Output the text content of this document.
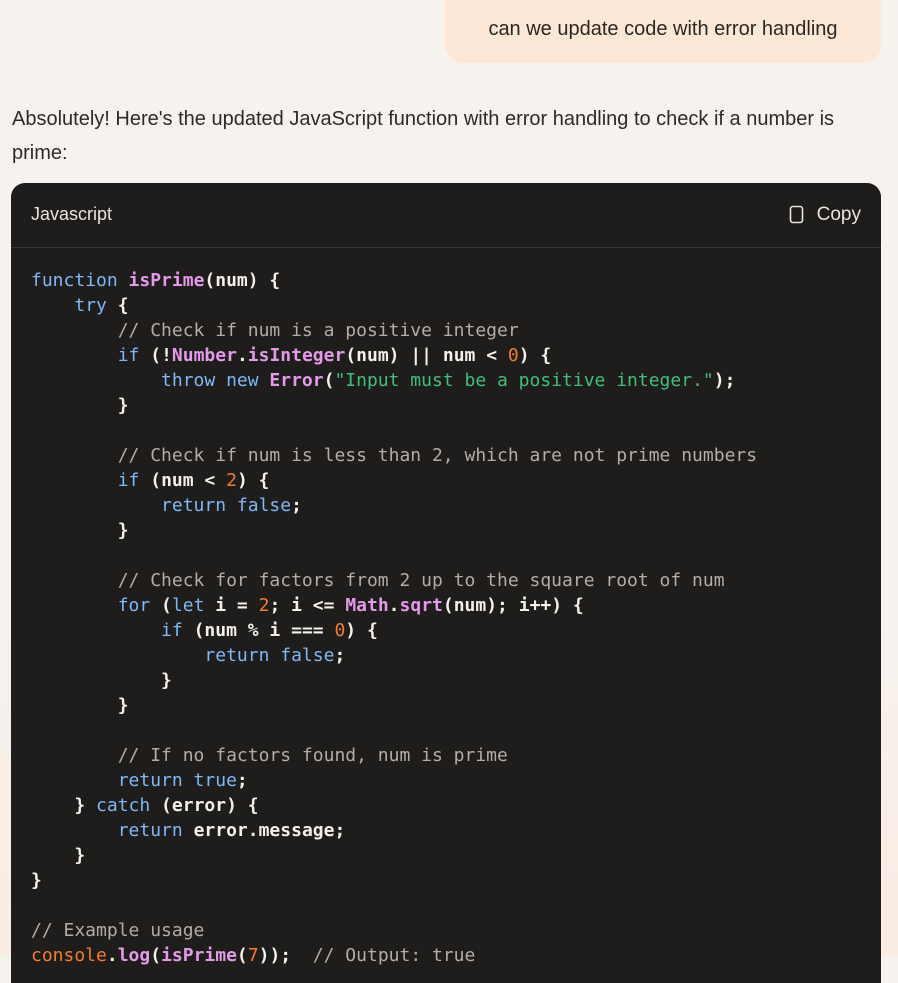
can we update code with error handling
Absolutely! Here's the updated JavaScript function with error handling to check if a number is prime:
Javascript	Copy
function isPrime(num) {
try {
// Check if num is a positive integer
if (!Number.isInteger(num) || num < 0) {
throw new Error("Input must be a positive integer.");
}
// Check if num is less than 2, which are not prime numbers
if (num < 2) {
return false;
}
// Check for factors from 2 up to the square root of num
for (let i = 2; i <= Math.sqrt(num); i++) {
if (num % i === 0) {
return false;
}
}
// If no factors found, num is prime
return true;
} catch (error) {
return error.message;
}
}
// Example usage
console.log(isPrime(7));  // Output: true
